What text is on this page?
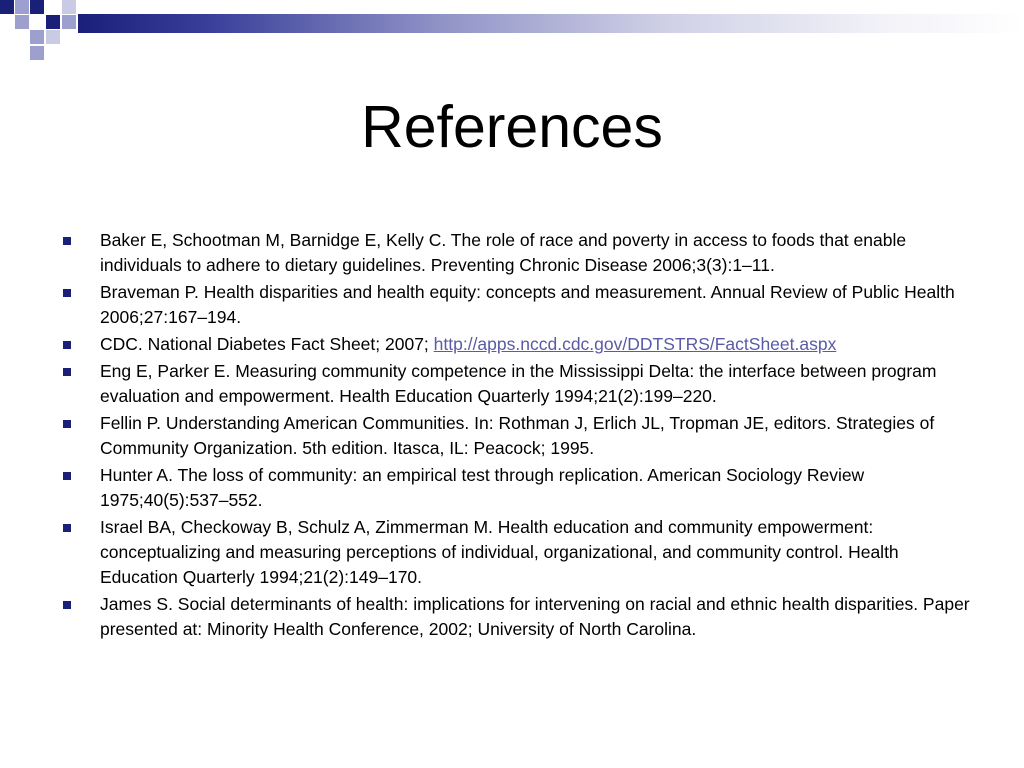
References
Baker E, Schootman M, Barnidge E, Kelly C. The role of race and poverty in access to foods that enable individuals to adhere to dietary guidelines. Preventing Chronic Disease 2006;3(3):1–11.
Braveman P. Health disparities and health equity: concepts and measurement. Annual Review of Public Health 2006;27:167–194.
CDC. National Diabetes Fact Sheet; 2007; http://apps.nccd.cdc.gov/DDTSTRS/FactSheet.aspx
Eng E, Parker E. Measuring community competence in the Mississippi Delta: the interface between program evaluation and empowerment. Health Education Quarterly 1994;21(2):199–220.
Fellin P. Understanding American Communities. In: Rothman J, Erlich JL, Tropman JE, editors. Strategies of Community Organization. 5th edition. Itasca, IL: Peacock; 1995.
Hunter A. The loss of community: an empirical test through replication. American Sociology Review 1975;40(5):537–552.
Israel BA, Checkoway B, Schulz A, Zimmerman M. Health education and community empowerment: conceptualizing and measuring perceptions of individual, organizational, and community control. Health Education Quarterly 1994;21(2):149–170.
James S. Social determinants of health: implications for intervening on racial and ethnic health disparities. Paper presented at: Minority Health Conference, 2002; University of North Carolina.
